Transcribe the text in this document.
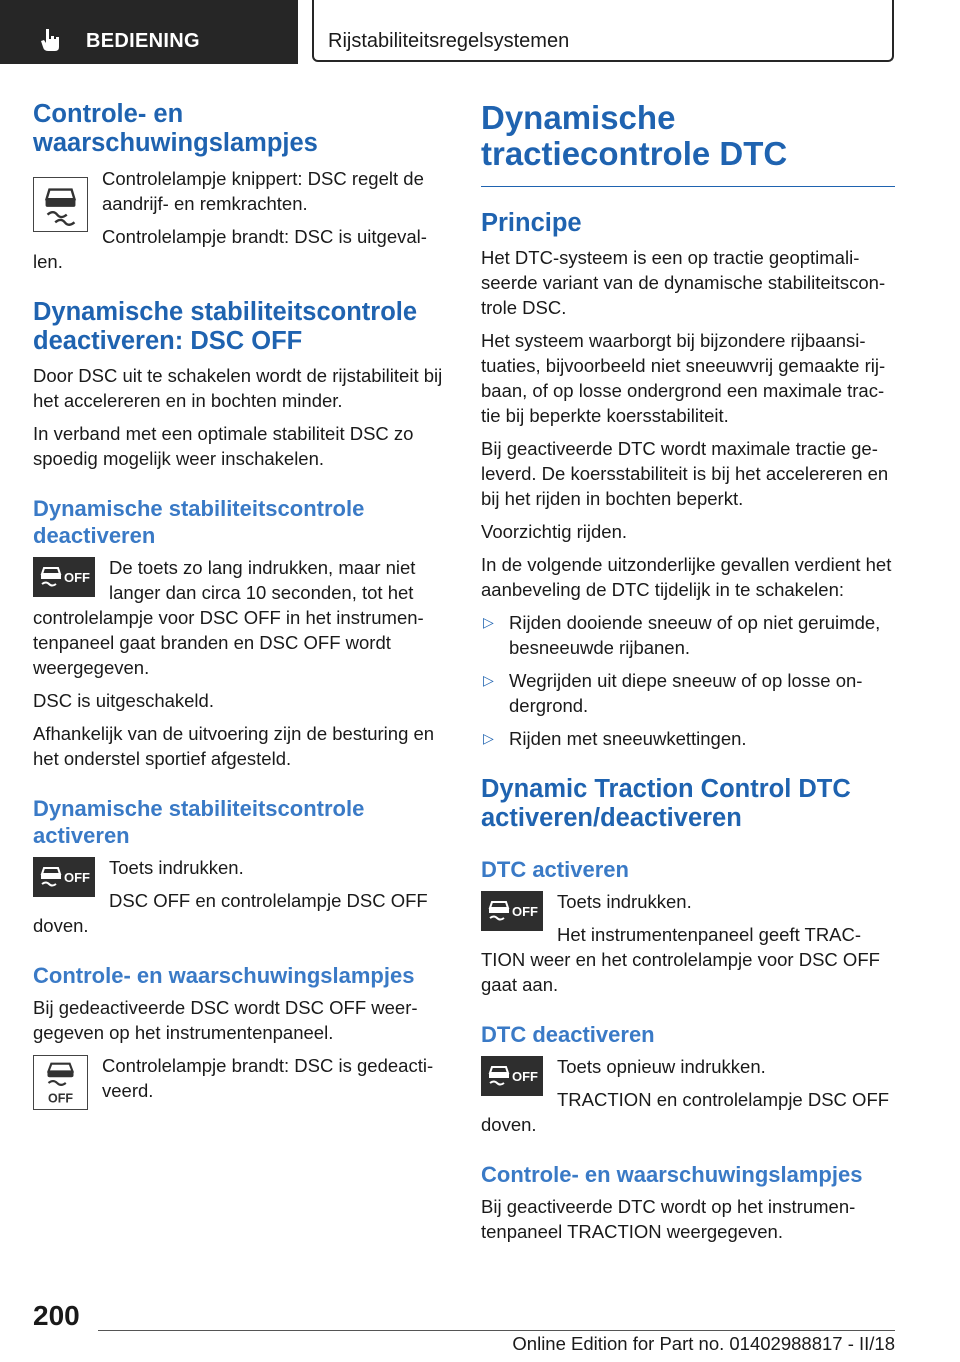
BEDIENING	Rijstabiliteitsregelsystemen
Controle- en waarschuwingslampjes

Controlelampje knippert: DSC regelt de aandrijf- en remkrachten.

Controlelampje brandt: DSC is uitgevallen.

Dynamische stabiliteitscontrole deactiveren: DSC OFF

Door DSC uit te schakelen wordt de rijstabiliteit bij het accelereren en in bochten minder.

In verband met een optimale stabiliteit DSC zo spoedig mogelijk weer inschakelen.

Dynamische stabiliteitscontrole deactiveren
OFF	De toets zo lang indrukken, maar niet langer dan circa 10 seconden, tot het controlelampje voor DSC OFF in het instrumentenpaneel gaat branden en DSC OFF wordt weergegeven.

DSC is uitgeschakeld.

Afhankelijk van de uitvoering zijn de besturing en het onderstel sportief afgesteld.

Dynamische stabiliteitscontrole activeren
OFF	Toets indrukken.

DSC OFF en controlelampje DSC OFF doven.

Controle- en waarschuwingslampjes

Bij gedeactiveerde DSC wordt DSC OFF weergegeven op het instrumentenpaneel.

OFF

Controlelampje brandt: DSC is gedeactiveerd.

Dynamische tractiecontrole DTC
Principe

Het DTC-systeem is een op tractie geoptimaliseerde variant van de dynamische stabiliteitscontrole DSC.

Het systeem waarborgt bij bijzondere rijbaansituaties, bijvoorbeeld niet sneeuwvrij gemaakte rijbaan, of op losse ondergrond een maximale tractie bij beperkte koersstabiliteit.

Bij geactiveerde DTC wordt maximale tractie geleverd. De koersstabiliteit is bij het accelereren en bij het rijden in bochten beperkt.

Voorzichtig rijden.

In de volgende uitzonderlijke gevallen verdient het aanbeveling de DTC tijdelijk in te schakelen:

▷ Rijden dooiende sneeuw of op niet geruimde, besneeuwde rijbanen.
▷ Wegrijden uit diepe sneeuw of op losse ondergrond.
▷ Rijden met sneeuwkettingen.
Dynamic Traction Control DTC activeren/deactiveren
DTC activeren
OFF	Toets indrukken.

Het instrumentenpaneel geeft TRACTION weer en het controlelampje voor DSC OFF gaat aan.

DTC deactiveren
OFF	Toets opnieuw indrukken.

TRACTION en controlelampje DSC OFF doven.

Controle- en waarschuwingslampjes

Bij geactiveerde DTC wordt op het instrumentenpaneel TRACTION weergegeven.

200
Online Edition for Part no. 01402988817 - II/18
